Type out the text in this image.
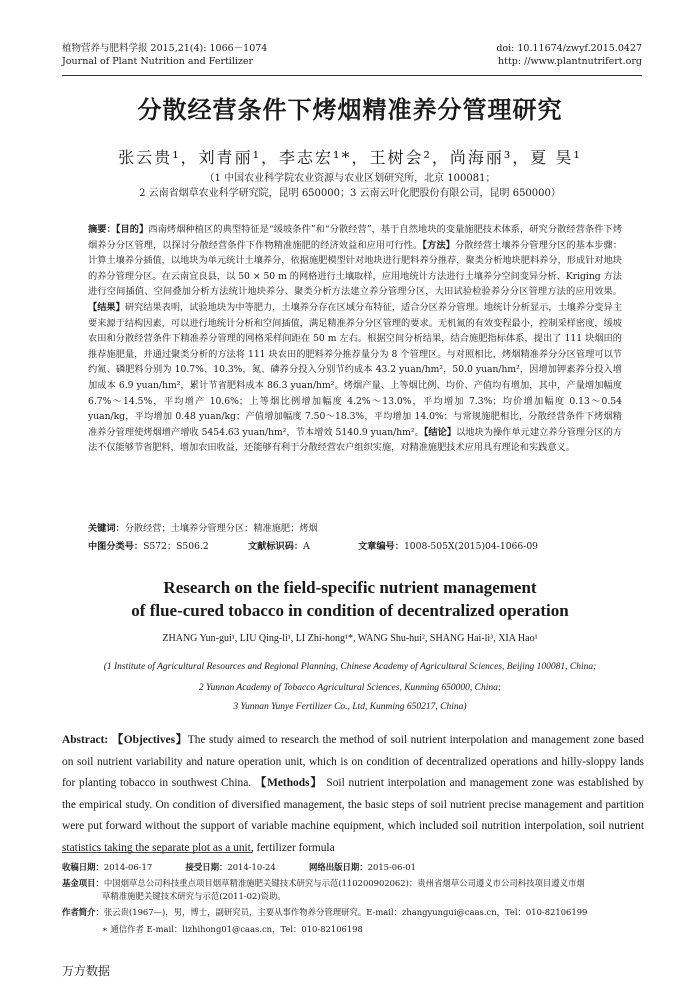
植物营养与肥料学报 2015,21(4): 1066－1074
Journal of Plant Nutrition and Fertilizer
doi: 10.11674/zwyf.2015.0427
http: //www.plantnutrifert.org
分散经营条件下烤烟精准养分管理研究
张云贵¹，刘青丽¹，李志宏¹*，王树会²，尚海丽³，夏 昊¹
（1 中国农业科学院农业资源与农业区划研究所，北京 100081；
2 云南省烟草农业科学研究院，昆明 650000；3 云南云叶化肥股份有限公司，昆明 650000）
摘要：【目的】西南烤烟种植区的典型特征是“缓坡条件”和“分散经营”，基于自然地块的变量施肥技术体系，研究分散经营条件下烤烟养分分区管理，以探讨分散经营条件下作物精准施肥的经济效益和应用可行性。【方法】分散经营土壤养分管理分区的基本步骤：计算土壤养分插值，以地块为单元统计土壤养分，依据施肥模型针对地块进行肥料养分推荐，聚类分析地块肥料养分，形成针对地块的养分管理分区。在云南宜良县，以 50 × 50 m 的网格进行土壤取样，应用地统计方法进行土壤养分空间变异分析、Kriging 方法进行空间插值、空间叠加分析方法统计地块养分、聚类分析方法建立养分管理分区，大田试验检验养分分区管理方法的应用效果。【结果】研究结果表明，试验地块为中等肥力，土壤养分存在区域分布特征，适合分区养分管理。地统计分析显示，土壤养分变异主要来源于结构因素，可以进行地统计分析和空间插值，满足精准养分分区管理的要求。无机氮的有效变程最小，控制采样密度，缓坡农田和分散经营条件下精准养分管理的网格采样间距在 50 m 左右。根据空间分析结果，结合施肥指标体系，提出了 111 块烟田的推荐施肥量，并通过聚类分析的方法将 111 块农田的肥料养分推荐量分为 8 个管理区。与对照相比，烤烟精准养分分区管理可以节约氮、磷肥料分别为 10.7%、10.3%，氮、磷养分投入分别节约成本 43.2 yuan/hm²，50.0 yuan/hm²，因增加钾素养分投入增加成本 6.9 yuan/hm²，累计节省肥料成本 86.3 yuan/hm²。烤烟产量、上等烟比例、均价、产值均有增加，其中，产量增加幅度 6.7%～14.5%，平均增产 10.6%；上等烟比例增加幅度 4.2%～13.0%，平均增加 7.3%；均价增加幅度 0.13～0.54 yuan/kg，平均增加 0.48 yuan/kg；产值增加幅度 7.50～18.3%，平均增加 14.0%；与常规施肥相比，分散经营条件下烤烟精准养分管理使烤烟增产增收 5454.63 yuan/hm²，节本增效 5140.9 yuan/hm²。【结论】以地块为操作单元建立养分管理分区的方法不仅能够节省肥料，增加农田收益，还能够有利于分散经营农户组织实施，对精准施肥技术应用具有理论和实践意义。
关键词：分散经营；土壤养分管理分区；精准施肥；烤烟
中图分类号：S572；S506.2	文献标识码：A	文章编号：1008-505X(2015)04-1066-09
Research on the field-specific nutrient management
of flue-cured tobacco in condition of decentralized operation
ZHANG Yun-gui¹, LIU Qing-li¹, LI Zhi-hong¹*, WANG Shu-hui², SHANG Hai-li³, XIA Hao¹
(1 Institute of Agricultural Resources and Regional Planning, Chinese Academy of Agricultural Sciences, Beijing 100081, China;
2 Yunnan Academy of Tobacco Agricultural Sciences, Kunming 650000, China;
3 Yunnan Yunye Fertilizer Co., Ltd, Kunming 650217, China)
Abstract: 【Objectives】The study aimed to research the method of soil nutrient interpolation and management zone based on soil nutrient variability and nature operation unit, which is on condition of decentralized operations and hilly-sloppy lands for planting tobacco in southwest China. 【Methods】 Soil nutrient interpolation and management zone was established by the empirical study. On condition of diversified management, the basic steps of soil nutrient precise management and partition were put forward without the support of variable machine equipment, which included soil nutrition interpolation, soil nutrient statistics taking the separate plot as a unit, fertilizer formula
收稿日期：2014-06-17	接受日期：2014-10-24	网络出版日期：2015-06-01
基金项目：中国烟草总公司科技重点项目烟草精准施肥关键技术研究与示范(110200902062)；贵州省烟草公司遵义市公司科技项目遵义市烟
草精准施肥关键技术研究与示范(2011-02)资助。
作者简介：张云贵(1967—)，男，博士，副研究员，主要从事作物养分管理研究。E-mail：zhangyungui@caas.cn，Tel：010-82106199
∗ 通信作者 E-mail：lizhihong01@caas.cn，Tel：010-82106198
万方数据
